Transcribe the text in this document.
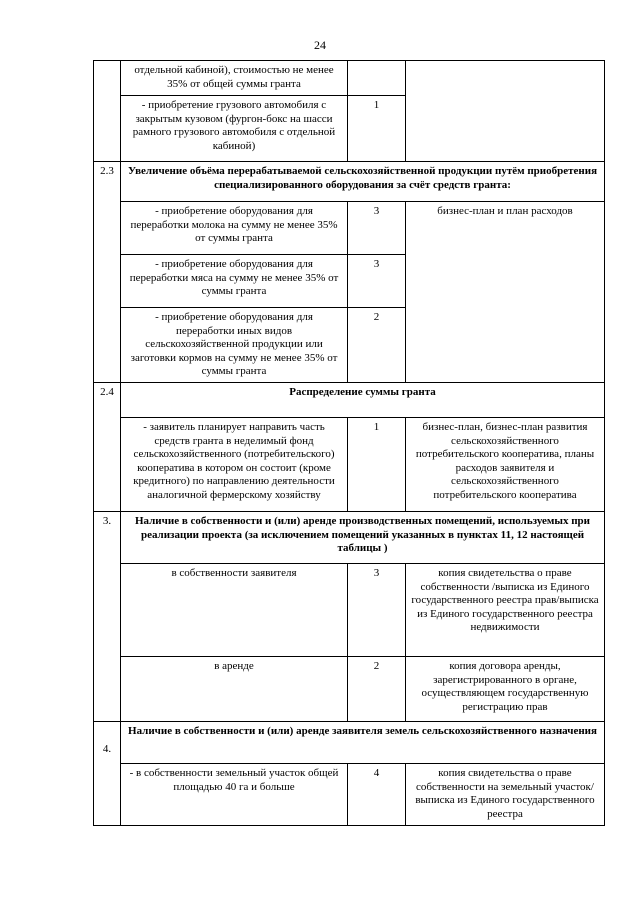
24
	отдельной кабиной), стоимостью не менее 35% от общей суммы гранта		
	- приобретение грузового автомобиля с закрытым кузовом (фургон-бокс на шасси рамного грузового автомобиля с отдельной кабиной)	1	
2.3	Увеличение объёма перерабатываемой сельскохозяйственной продукции путём приобретения специализированного оборудования за счёт средств гранта:		
	- приобретение оборудования для переработки молока на сумму не менее 35% от суммы гранта	3	бизнес-план и план расходов
	- приобретение оборудования для переработки мяса на сумму не менее 35% от суммы гранта	3	
	- приобретение оборудования для переработки иных видов сельскохозяйственной продукции или заготовки кормов на сумму не менее 35% от суммы гранта	2	
2.4	Распределение суммы гранта		
	- заявитель планирует направить часть средств гранта в неделимый фонд сельскохозяйственного (потребительского) кооператива в котором он состоит (кроме кредитного) по направлению деятельности аналогичной фермерскому хозяйству	1	бизнес-план, бизнес-план развития сельскохозяйственного потребительского кооператива, планы расходов заявителя и сельскохозяйственного потребительского кооператива
3.	Наличие в собственности и (или) аренде производственных помещений, используемых при реализации проекта (за исключением помещений указанных в пунктах 11, 12 настоящей таблицы )		
	в собственности заявителя	3	копия свидетельства о праве собственности /выписка из Единого государственного реестра прав/выписка из Единого государственного реестра недвижимости
	в аренде	2	копия договора аренды, зарегистрированного в органе, осуществляющем государственную регистрацию прав

4.	Наличие в собственности и (или) аренде заявителя земель сельскохозяйственного назначения		
	- в собственности земельный участок общей площадью 40 га и больше	4	копия свидетельства о праве собственности на земельный участок/выписка из Единого государственного реестра
